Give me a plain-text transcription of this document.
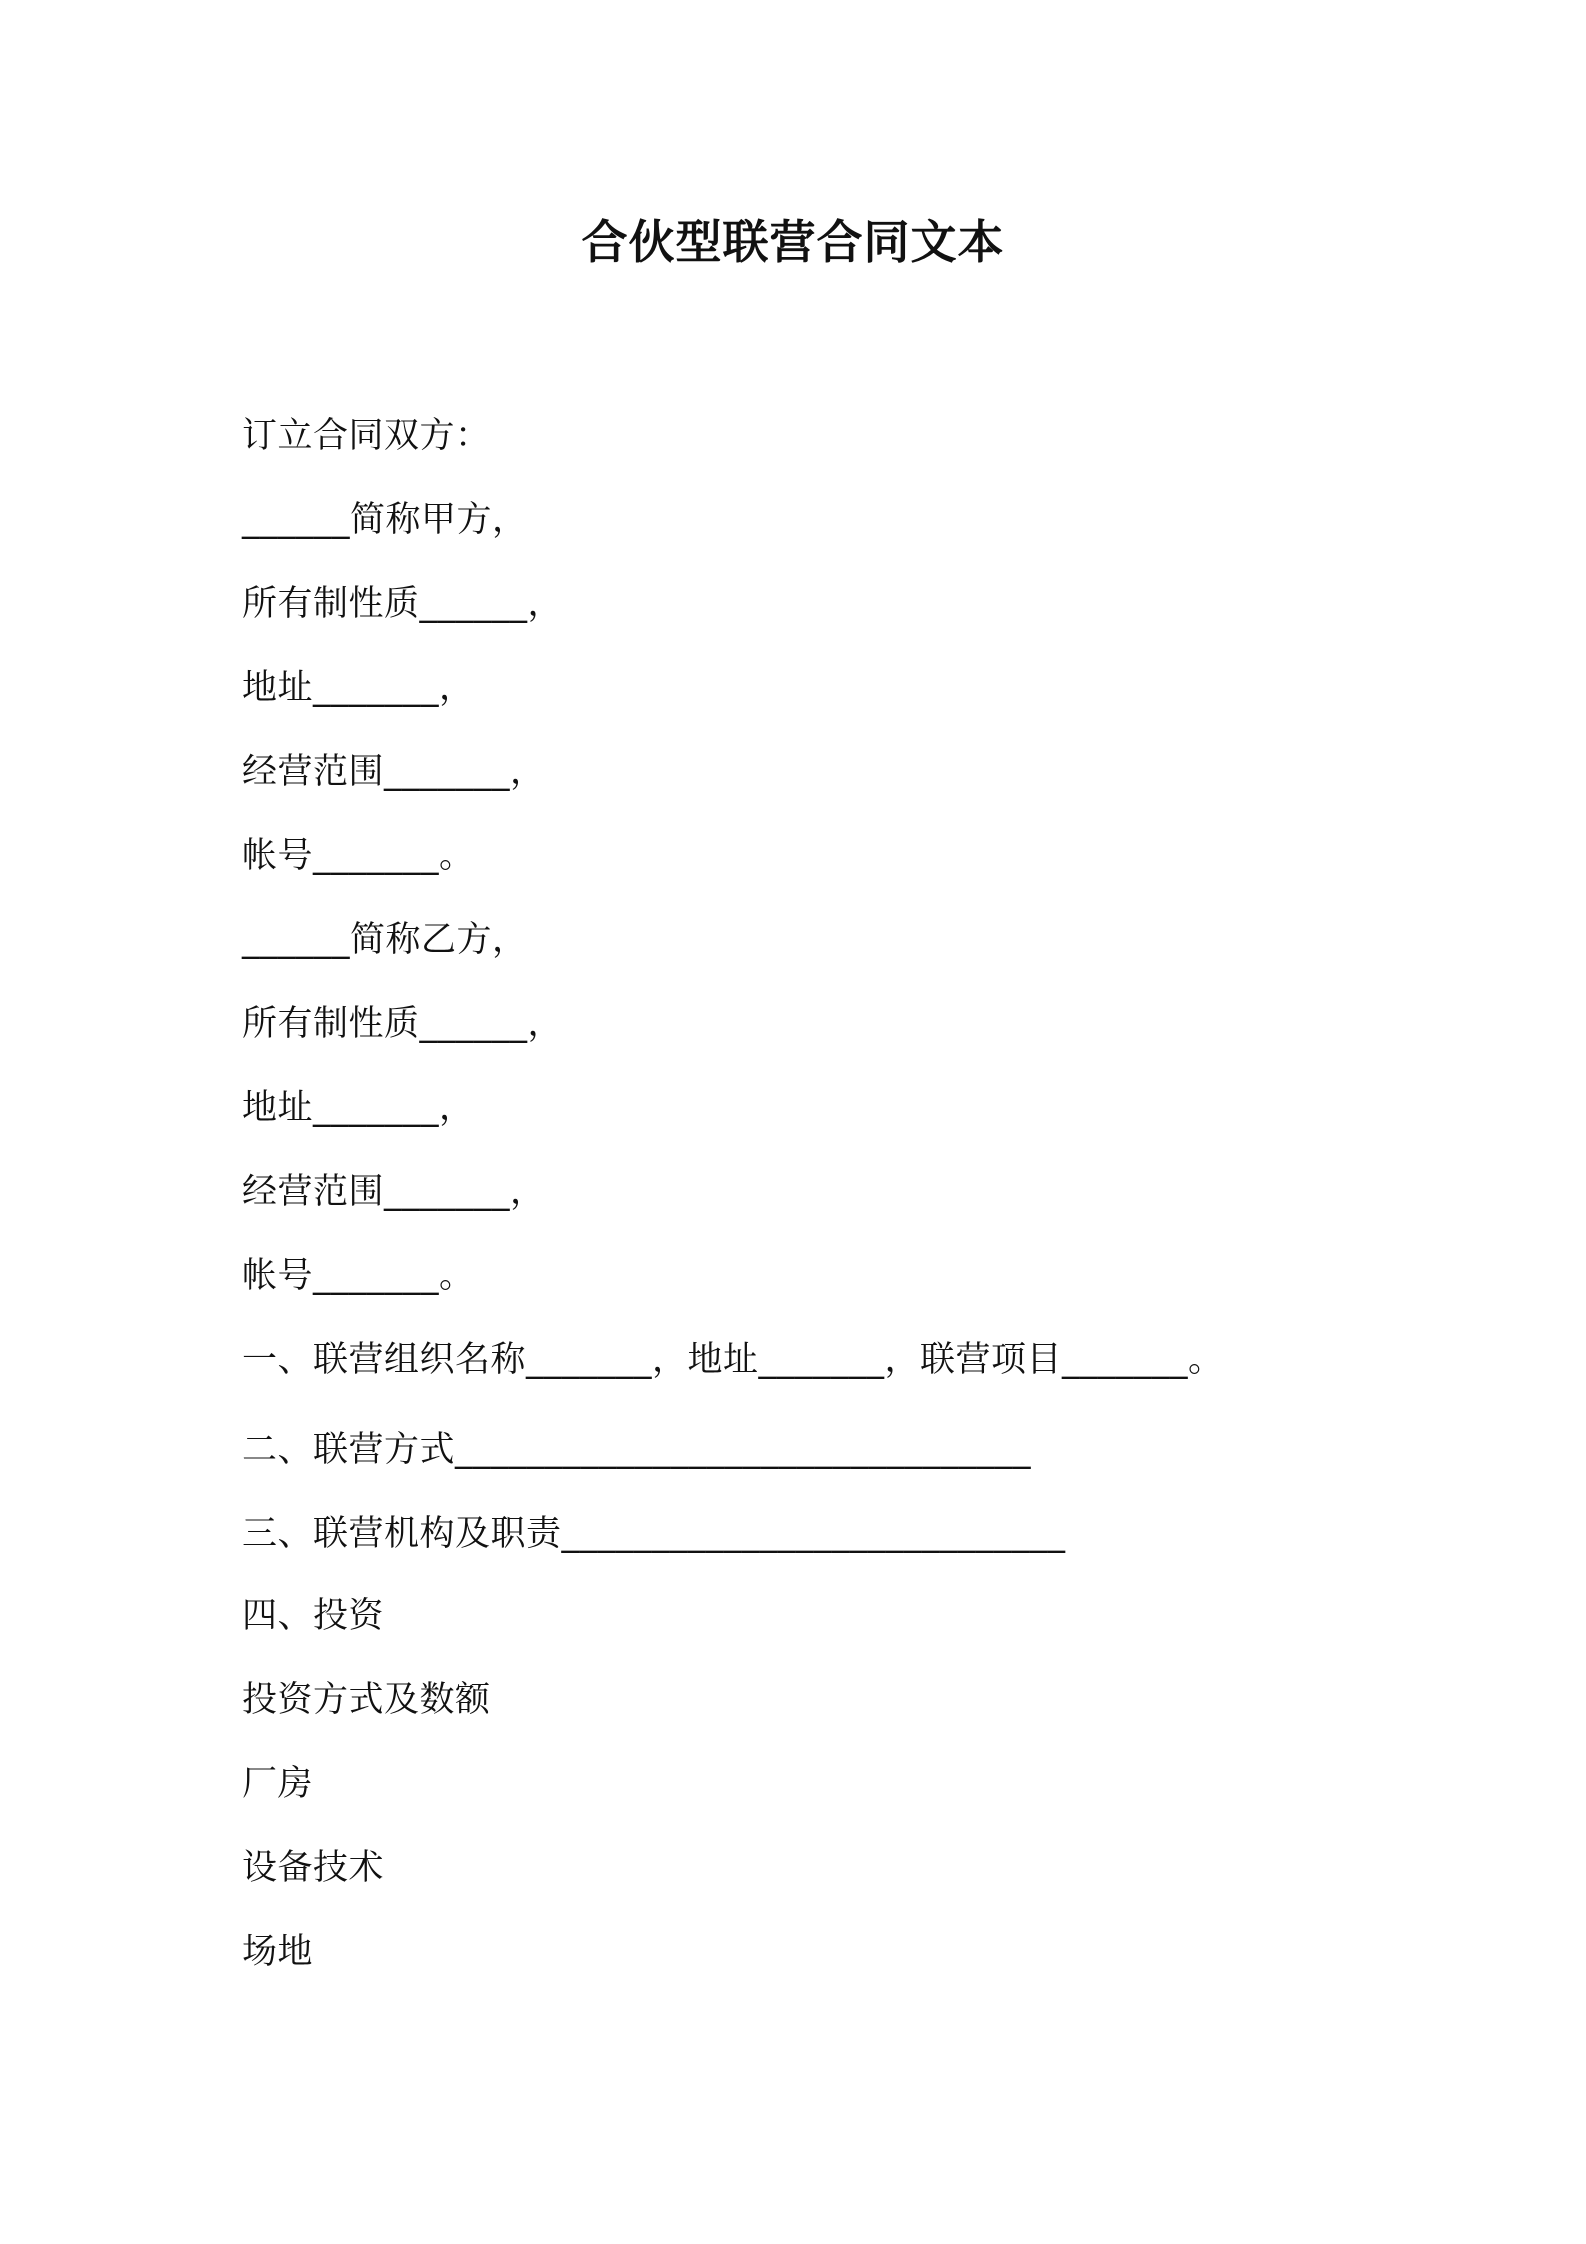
合伙型联营合同文本
订立合同双方：
______简称甲方，
所有制性质______，
地址_______，
经营范围_______，
帐号_______。
______简称乙方，
所有制性质______，
地址_______，
经营范围_______，
帐号_______。
一、联营组织名称_______，地址_______，联营项目_______。
二、联营方式________________________________
三、联营机构及职责____________________________
四、投资
投资方式及数额
厂房
设备技术
场地
